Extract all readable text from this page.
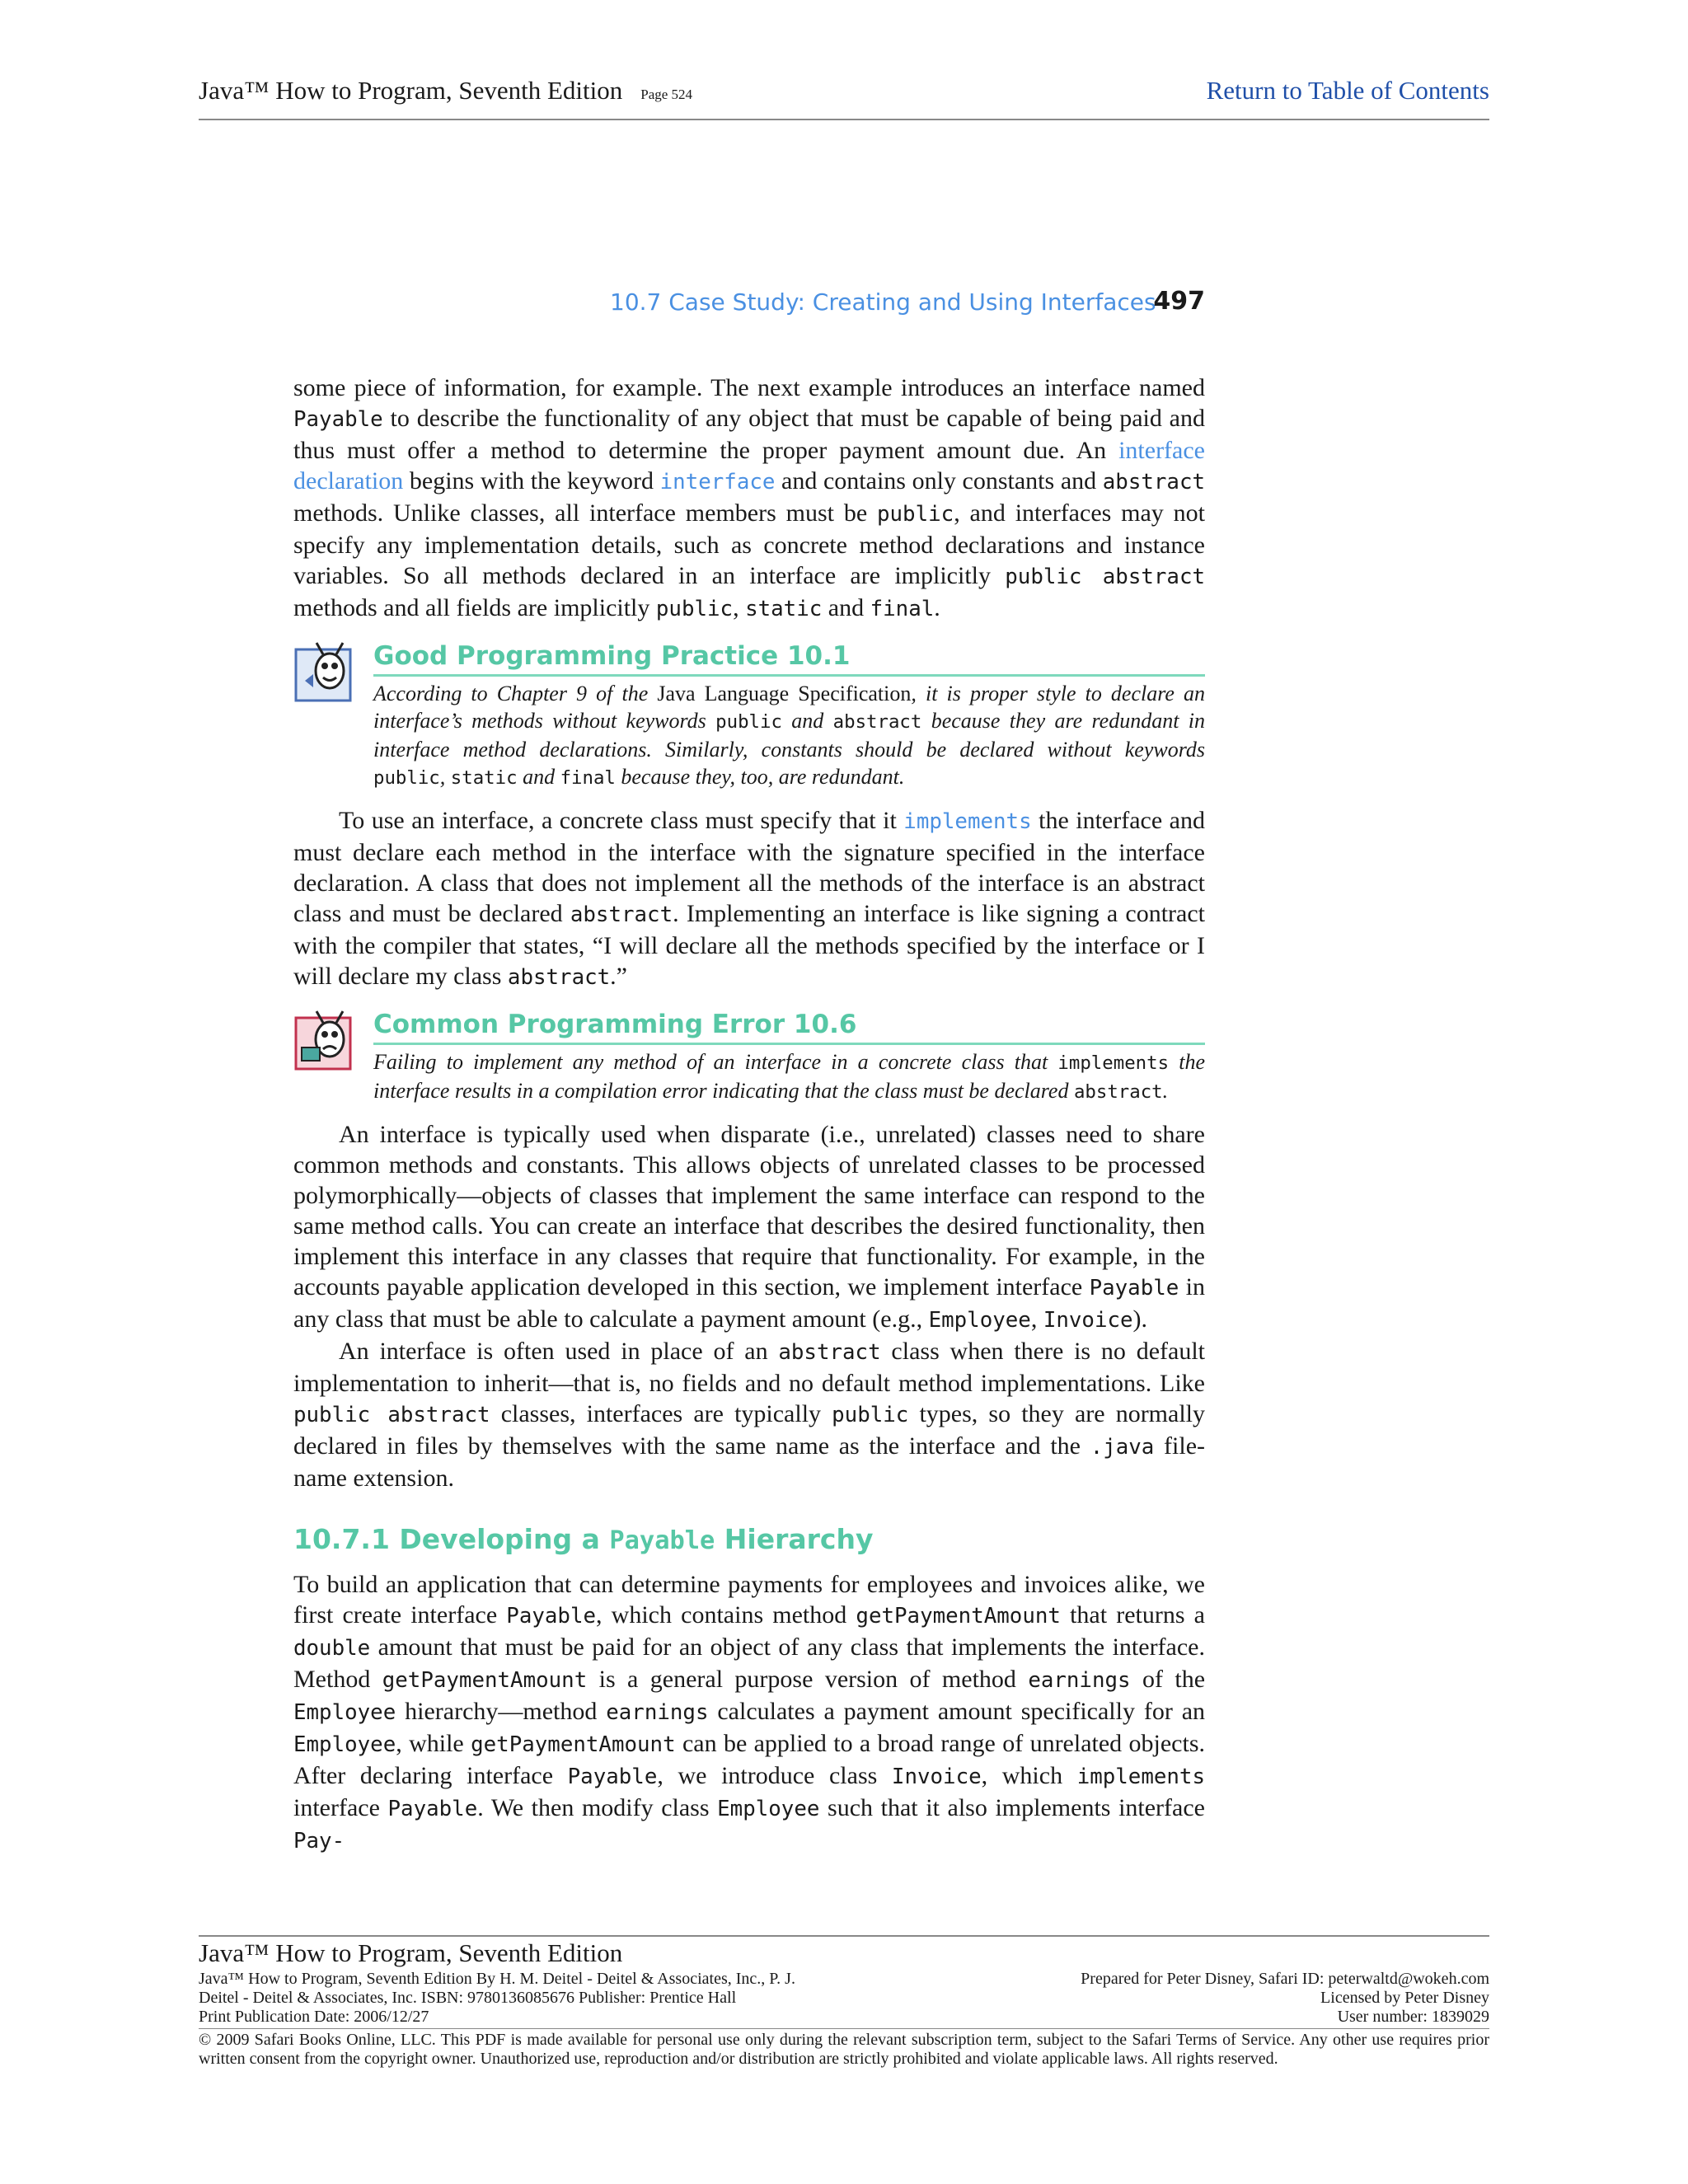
Java™ How to Program, Seventh Edition Page 524	Return to Table of Contents
10.7 Case Study: Creating and Using Interfaces
497

some piece of information, for example. The next example introduces an interface named Payable to describe the functionality of any object that must be capable of being paid and thus must offer a method to determine the proper payment amount due. An interface declaration begins with the keyword interface and contains only constants and abstract methods. Unlike classes, all interface members must be public, and interfaces may not specify any implementation details, such as concrete method declarations and instance variables. So all methods declared in an interface are implicitly public abstract methods and all fields are implicitly public, static and final.

Good Programming Practice 10.1

According to Chapter 9 of the Java Language Specification, it is proper style to declare an interface’s methods without keywords public and abstract because they are redundant in interface method declarations. Similarly, constants should be declared without keywords public, static and final because they, too, are redundant.

To use an interface, a concrete class must specify that it implements the interface and must declare each method in the interface with the signature specified in the interface declaration. A class that does not implement all the methods of the interface is an abstract class and must be declared abstract. Implementing an interface is like signing a contract with the compiler that states, “I will declare all the methods specified by the interface or I will declare my class abstract.”

Common Programming Error 10.6

Failing to implement any method of an interface in a concrete class that implements the interface results in a compilation error indicating that the class must be declared abstract.

An interface is typically used when disparate (i.e., unrelated) classes need to share common methods and constants. This allows objects of unrelated classes to be processed polymorphically—objects of classes that implement the same interface can respond to the same method calls. You can create an interface that describes the desired functionality, then implement this interface in any classes that require that functionality. For example, in the accounts payable application developed in this section, we implement interface Payable in any class that must be able to calculate a payment amount (e.g., Employee, Invoice).

An interface is often used in place of an abstract class when there is no default implementation to inherit—that is, no fields and no default method implementations. Like public abstract classes, interfaces are typically public types, so they are normally declared in files by themselves with the same name as the interface and the .java file-name extension.

10.7.1 Developing a Payable Hierarchy

To build an application that can determine payments for employees and invoices alike, we first create interface Payable, which contains method getPaymentAmount that returns a double amount that must be paid for an object of any class that implements the interface. Method getPaymentAmount is a general purpose version of method earnings of the Employee hierarchy—method earnings calculates a payment amount specifically for an Employee, while getPaymentAmount can be applied to a broad range of unrelated objects. After declaring interface Payable, we introduce class Invoice, which implements interface Payable. We then modify class Employee such that it also implements interface Pay-

Java™ How to Program, Seventh Edition
Java™ How to Program, Seventh Edition By H. M. Deitel - Deitel & Associates, Inc., P. J.	Prepared for Peter Disney, Safari ID: peterwaltd@wokeh.com
Deitel - Deitel & Associates, Inc. ISBN: 9780136085676 Publisher: Prentice Hall	Licensed by Peter Disney
Print Publication Date: 2006/12/27	User number: 1839029
© 2009 Safari Books Online, LLC. This PDF is made available for personal use only during the relevant subscription term, subject to the Safari Terms of Service. Any other use requires prior written consent from the copyright owner. Unauthorized use, reproduction and/or distribution are strictly prohibited and violate applicable laws. All rights reserved.
